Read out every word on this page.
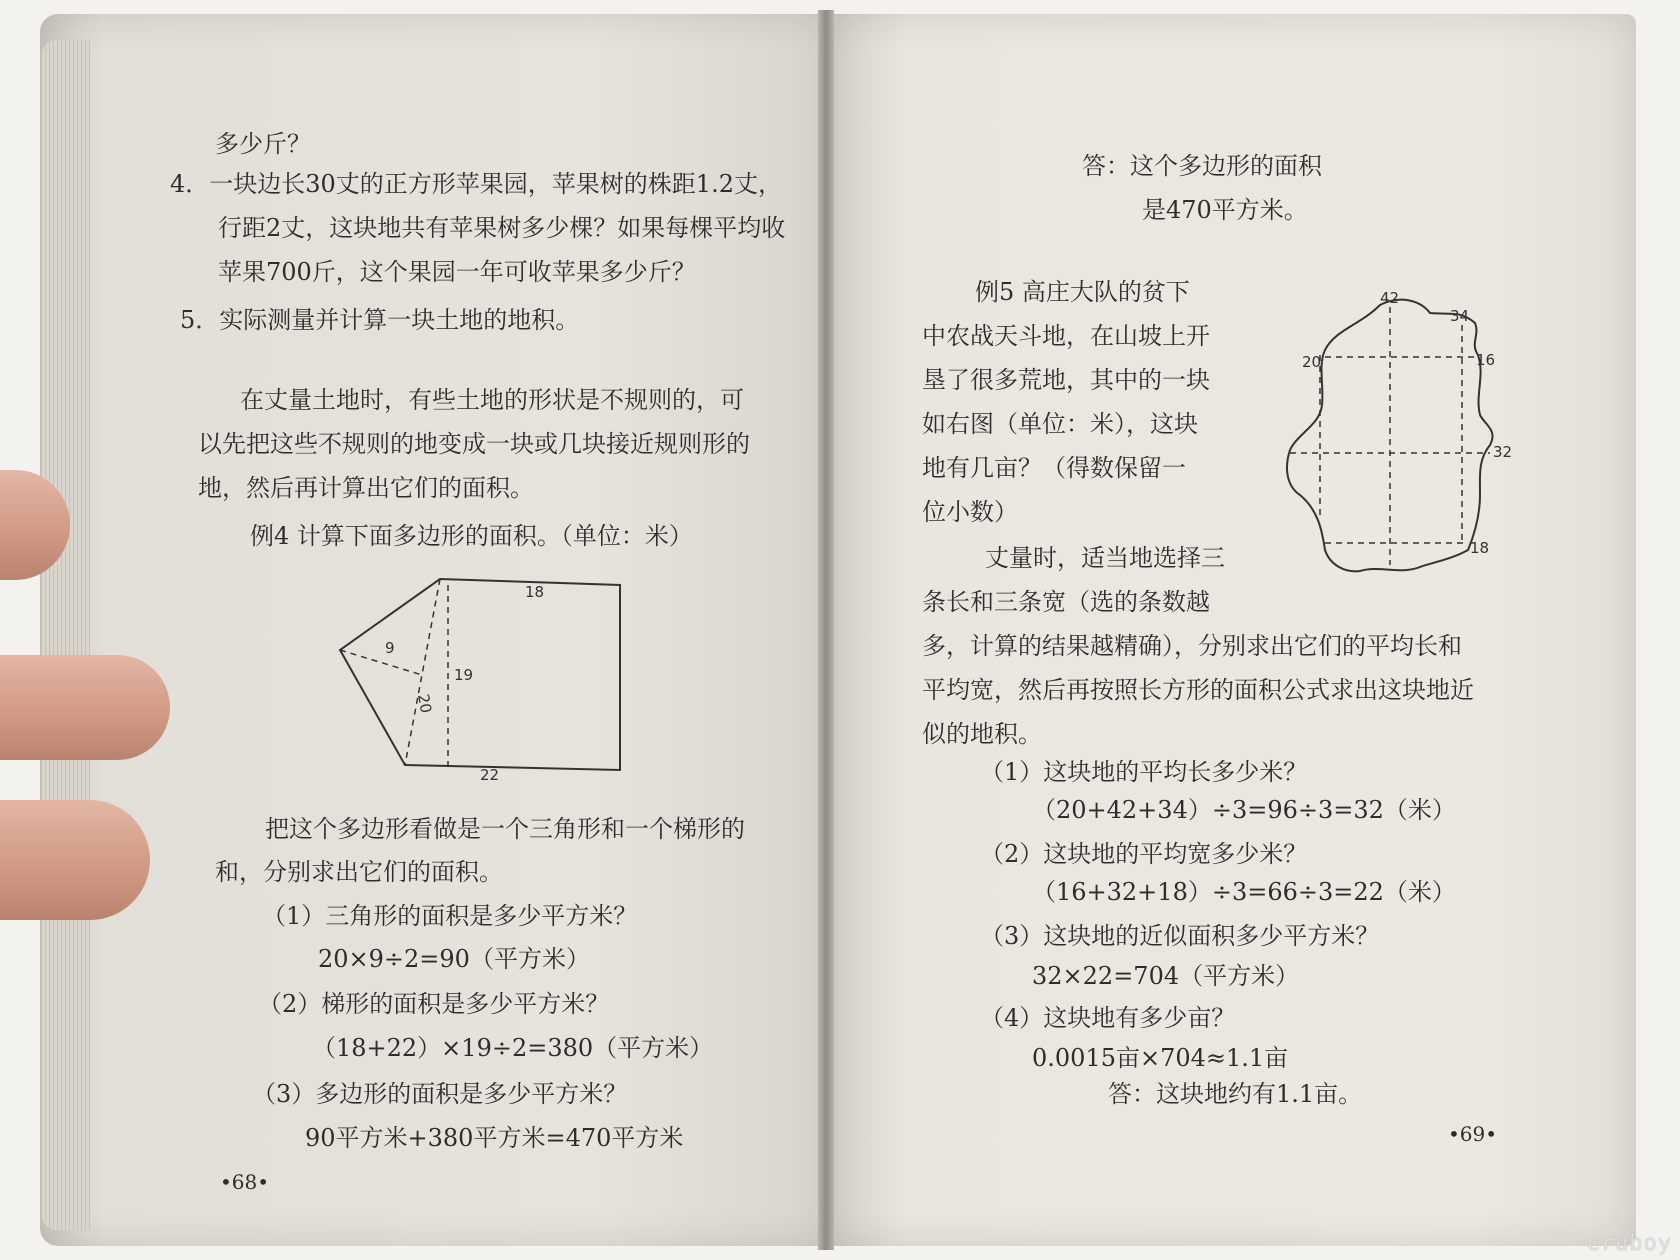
多少斤？
4．一块边长30丈的正方形苹果园，苹果树的株距1.2丈，
行距2丈，这块地共有苹果树多少棵？如果每棵平均收
苹果700斤，这个果园一年可收苹果多少斤？
5．实际测量并计算一块土地的地积。
在丈量土地时，有些土地的形状是不规则的，可
以先把这些不规则的地变成一块或几块接近规则形的
地，然后再计算出它们的面积。
例4 计算下面多边形的面积。（单位：米）
18
9
20
19
22
把这个多边形看做是一个三角形和一个梯形的
和，分别求出它们的面积。
（1）三角形的面积是多少平方米？
20×9÷2=90（平方米）
（2）梯形的面积是多少平方米？
（18+22）×19÷2=380（平方米）
（3）多边形的面积是多少平方米？
90平方米+380平方米=470平方米
•68•
答：这个多边形的面积
是470平方米。
例5 高庄大队的贫下
中农战天斗地，在山坡上开
垦了很多荒地，其中的一块
如右图（单位：米），这块
地有几亩？（得数保留一
位小数）
丈量时，适当地选择三
条长和三条宽（选的条数越
多，计算的结果越精确），分别求出它们的平均长和
平均宽，然后再按照长方形的面积公式求出这块地近
似的地积。
42
34
20	16
32
18
（1）这块地的平均长多少米？
（20+42+34）÷3=96÷3=32（米）
（2）这块地的平均宽多少米？
（16+32+18）÷3=66÷3=22（米）
（3）这块地的近似面积多少平方米？
32×22=704（平方米）
（4）这块地有多少亩？
0.0015亩×704≈1.1亩
答：这块地约有1.1亩。
•69•
cruboy
